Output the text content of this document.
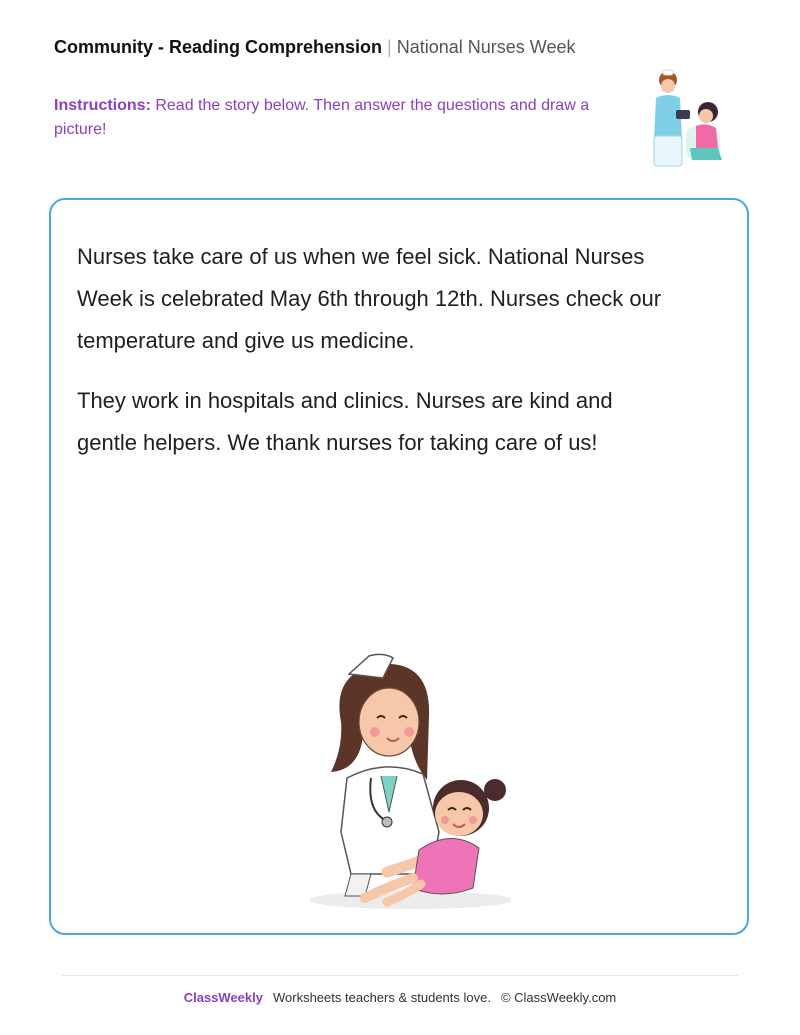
Community - Reading Comprehension | National Nurses Week
Instructions: Read the story below. Then answer the questions and draw a picture!

Nurses take care of us when we feel sick. National Nurses Week is celebrated May 6th through 12th. Nurses check our temperature and give us medicine.

They work in hospitals and clinics. Nurses are kind and gentle helpers. We thank nurses for taking care of us!

ClassWeekly Worksheets teachers & students love. © ClassWeekly.com
